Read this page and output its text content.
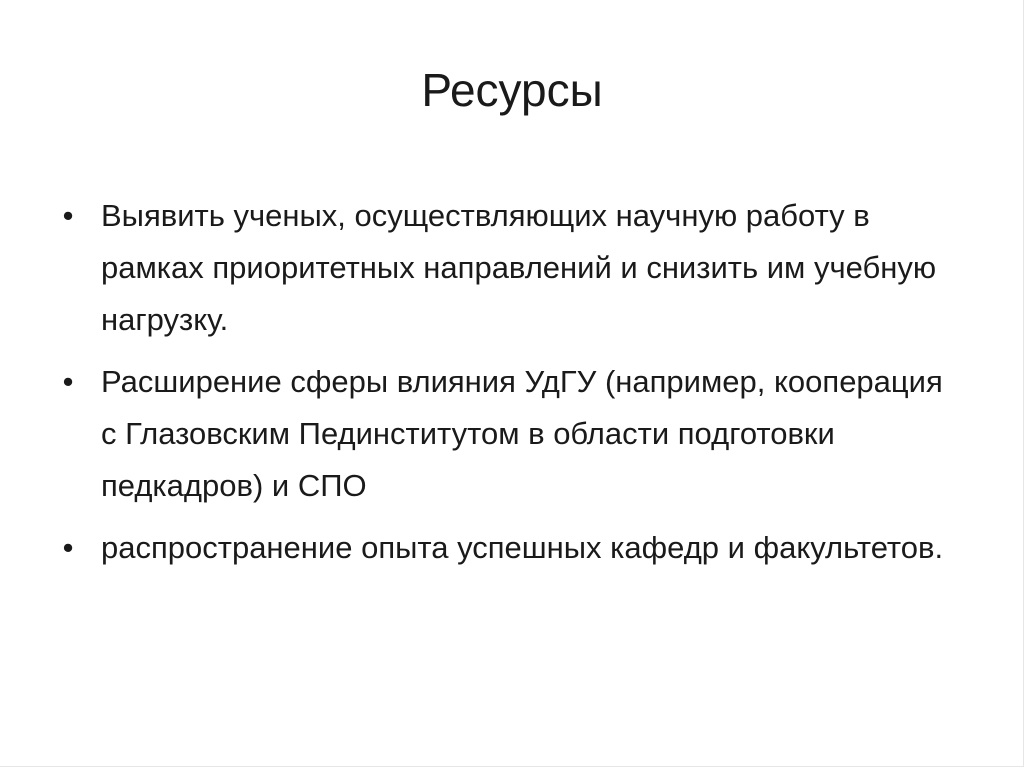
Ресурсы
• Выявить ученых, осуществляющих научную работу в рамках приоритетных направлений и снизить им учебную нагрузку.
• Расширение сферы влияния УдГУ (например, кооперация с Глазовским Пединститутом в области подготовки педкадров) и СПО
• распространение опыта успешных кафедр и факультетов.
